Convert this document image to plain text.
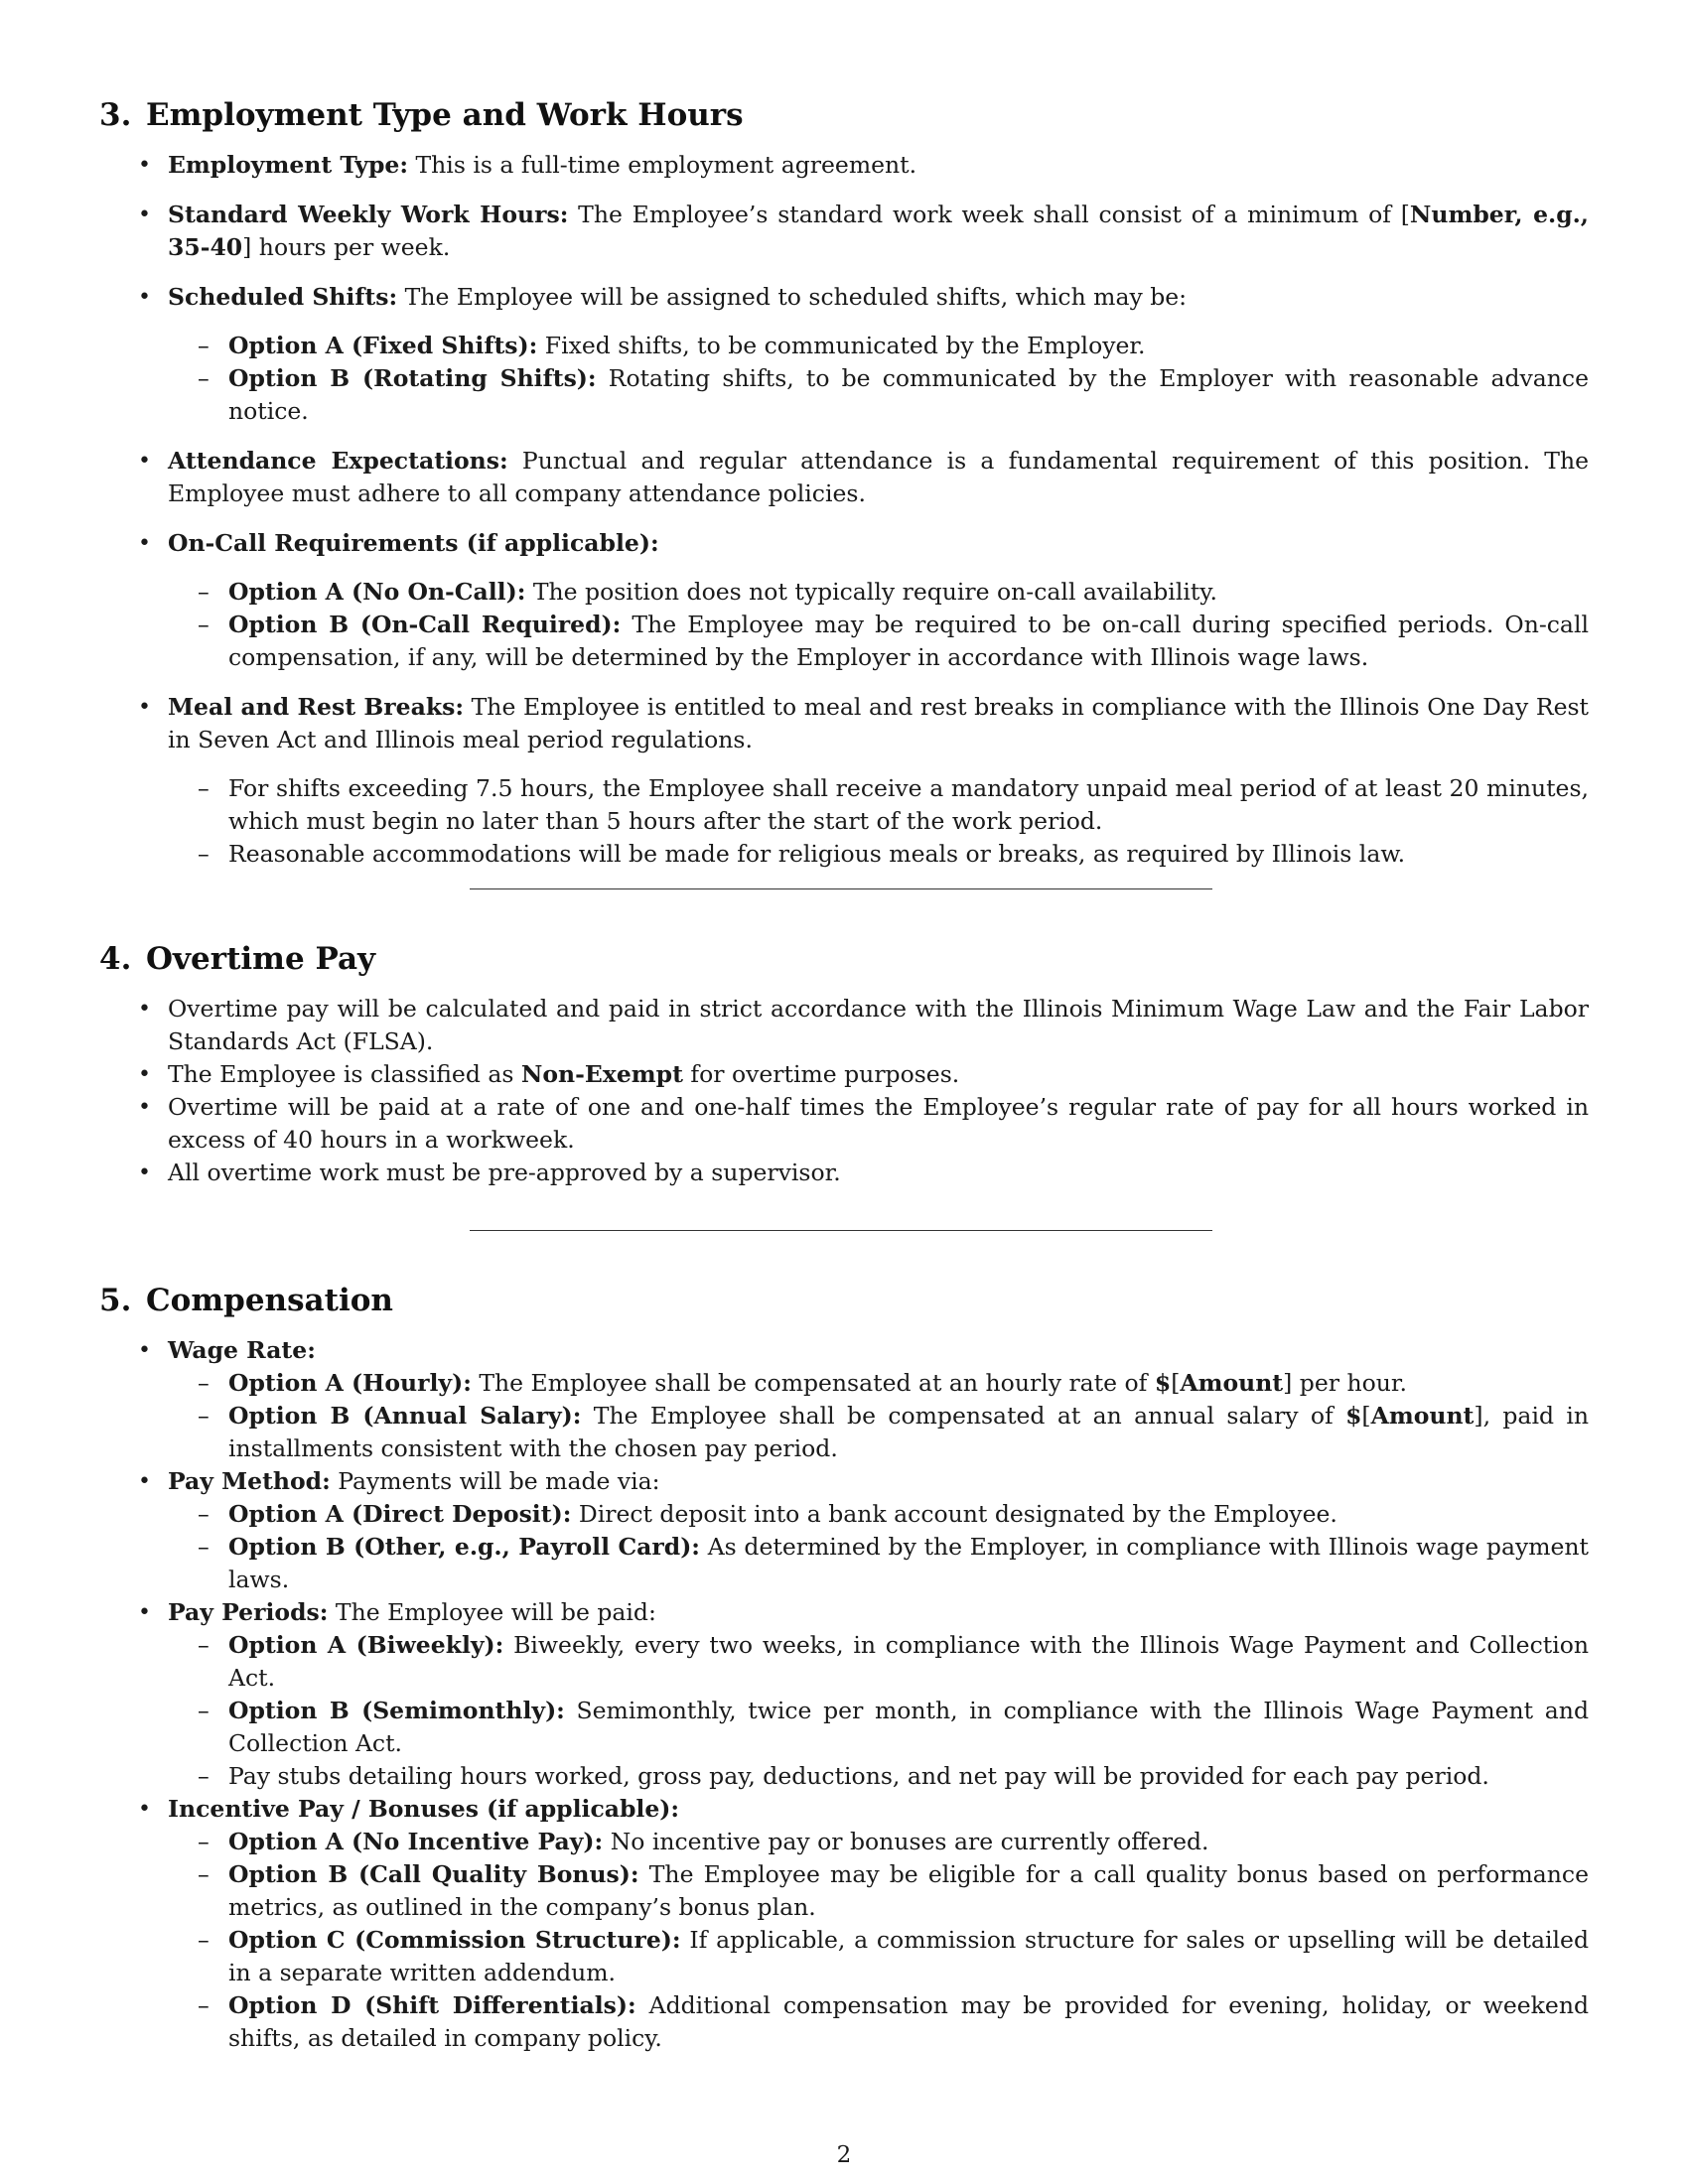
3. Employment Type and Work Hours
• Employment Type: This is a full-time employment agreement.
• Standard Weekly Work Hours: The Employee’s standard work week shall consist of a minimum of [Number, e.g., 35-40] hours per week.
• Scheduled Shifts: The Employee will be assigned to scheduled shifts, which may be:
– Option A (Fixed Shifts): Fixed shifts, to be communicated by the Employer.
– Option B (Rotating Shifts): Rotating shifts, to be communicated by the Employer with reasonable advance notice.
• Attendance Expectations: Punctual and regular attendance is a fundamental requirement of this position. The Employee must adhere to all company attendance policies.
• On-Call Requirements (if applicable):
– Option A (No On-Call): The position does not typically require on-call availability.
– Option B (On-Call Required): The Employee may be required to be on-call during specified periods. On-call compensation, if any, will be determined by the Employer in accordance with Illinois wage laws.
• Meal and Rest Breaks: The Employee is entitled to meal and rest breaks in compliance with the Illinois One Day Rest in Seven Act and Illinois meal period regulations.
– For shifts exceeding 7.5 hours, the Employee shall receive a mandatory unpaid meal period of at least 20 minutes, which must begin no later than 5 hours after the start of the work period.
– Reasonable accommodations will be made for religious meals or breaks, as required by Illinois law.
4. Overtime Pay
• Overtime pay will be calculated and paid in strict accordance with the Illinois Minimum Wage Law and the Fair Labor Standards Act (FLSA).
• The Employee is classified as Non-Exempt for overtime purposes.
• Overtime will be paid at a rate of one and one-half times the Employee’s regular rate of pay for all hours worked in excess of 40 hours in a workweek.
• All overtime work must be pre-approved by a supervisor.
5. Compensation
• Wage Rate:
– Option A (Hourly): The Employee shall be compensated at an hourly rate of $[Amount] per hour.
– Option B (Annual Salary): The Employee shall be compensated at an annual salary of $[Amount], paid in installments consistent with the chosen pay period.
• Pay Method: Payments will be made via:
– Option A (Direct Deposit): Direct deposit into a bank account designated by the Employee.
– Option B (Other, e.g., Payroll Card): As determined by the Employer, in compliance with Illinois wage payment laws.
• Pay Periods: The Employee will be paid:
– Option A (Biweekly): Biweekly, every two weeks, in compliance with the Illinois Wage Payment and Collection Act.
– Option B (Semimonthly): Semimonthly, twice per month, in compliance with the Illinois Wage Payment and Collection Act.
– Pay stubs detailing hours worked, gross pay, deductions, and net pay will be provided for each pay period.
• Incentive Pay / Bonuses (if applicable):
– Option A (No Incentive Pay): No incentive pay or bonuses are currently offered.
– Option B (Call Quality Bonus): The Employee may be eligible for a call quality bonus based on performance metrics, as outlined in the company’s bonus plan.
– Option C (Commission Structure): If applicable, a commission structure for sales or upselling will be detailed in a separate written addendum.
– Option D (Shift Differentials): Additional compensation may be provided for evening, holiday, or weekend shifts, as detailed in company policy.
2
